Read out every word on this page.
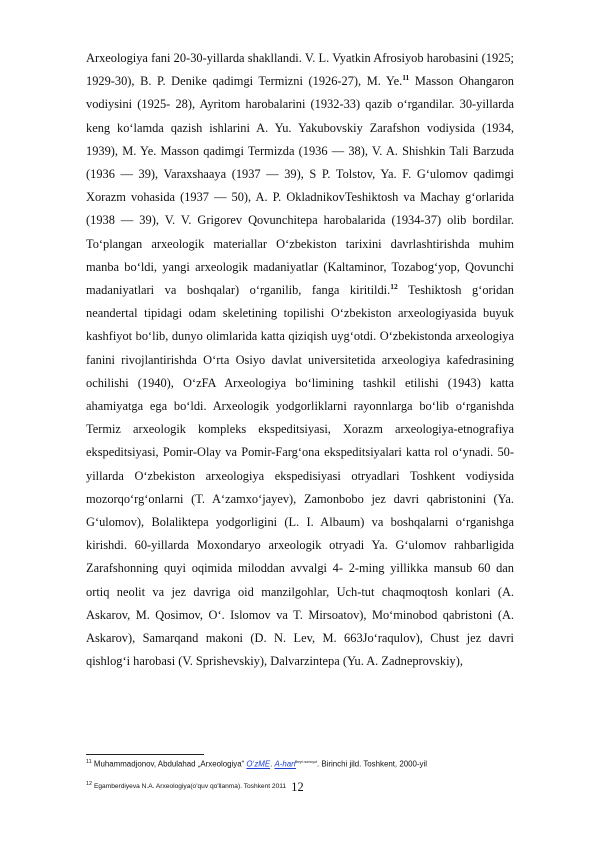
Arxeologiya fani 20-30-yillarda shakllandi. V. L. Vyatkin Afrosiyob harobasini (1925; 1929-30), B. P. Denike qadimgi Termizni (1926-27), M. Ye.$^{11}$ Masson Ohangaron vodiysini (1925- 28), Ayritom harobalarini (1932-33) qazib o‘rgandilar. 30-yillarda keng ko‘lamda qazish ishlarini A. Yu. Yakubovskiy Zarafshon vodiysida (1934, 1939), M. Ye. Masson qadimgi Termizda (1936 — 38), V. A. Shishkin Tali Barzuda (1936 — 39), Varaxshaaya (1937 — 39), S P. Tolstov, Ya. F. G‘ulomov qadimgi Xorazm vohasida (1937 — 50), A. P. OkladnikovTeshiktosh va Machay g‘orlarida (1938 — 39), V. V. Grigorev Qovunchitepa harobalarida (1934-37) olib bordilar. To‘plangan arxeologik materiallar O‘zbekiston tarixini davrlashtirishda muhim manba bo‘ldi, yangi arxeologik madaniyatlar (Kaltaminor, Tozabog‘yop, Qovunchi madaniyatlari va boshqalar) o‘rganilib, fanga kiritildi.$^{12}$ Teshiktosh g‘oridan neandertal tipidagi odam skeletining topilishi O‘zbekiston arxeologiyasida buyuk kashfiyot bo‘lib, dunyo olimlarida katta qiziqish uyg‘otdi. O‘zbekistonda arxeologiya fanini rivojlantirishda O‘rta Osiyo davlat universitetida arxeologiya kafedrasining ochilishi (1940), O‘zFA Arxeologiya bo‘limining tashkil etilishi (1943) katta ahamiyatga ega bo‘ldi. Arxeologik yodgorliklarni rayonnlarga bo‘lib o‘rganishda Termiz arxeologik kompleks ekspeditsiyasi, Xorazm arxeologiya-etnografiya ekspeditsiyasi, Pomir-Olay va Pomir-Farg‘ona ekspeditsiyalari katta rol o‘ynadi. 50-yillarda O‘zbekiston arxeologiya ekspedisiyasi otryadlari Toshkent vodiysida mozorqo‘rg‘onlarni (T. A‘zamxo‘jayev), Zamonbobo jez davri qabristonini (Ya. G‘ulomov), Bolaliktepa yodgorligini (L. I. Albaum) va boshqalarni o‘rganishga kirishdi. 60-yillarda Moxondaryo arxeologik otryadi Ya. G‘ulomov rahbarligida Zarafshonning quyi oqimida miloddan avvalgi 4- 2-ming yillikka mansub 60 dan ortiq neolit va jez davriga oid manzilgohlar, Uch-tut chaqmoqtosh konlari (A. Askarov, M. Qosimov, O‘. Islomov va T. Mirsoatov), Mo‘minobod qabristoni (A. Askarov), Samarqand makoni (D. N. Lev, M. 663Jo‘raqulov), Chust jez davri qishlog‘i harobasi (V. Sprishevskiy), Dalvarzintepa (Yu. A. Zadneprovskiy),

$^{11}$ Muhammadjonov, Abdulahad „Arxeologiya“ O‘zME. A-harf$^{beyt nomoyut}$. Birinchi jild. Toshkent, 2000-yil

$^{12}$ Egamberdiyeva N.A. Arxeologiya(o'quv qo'llanma). Toshkent 2011 12
